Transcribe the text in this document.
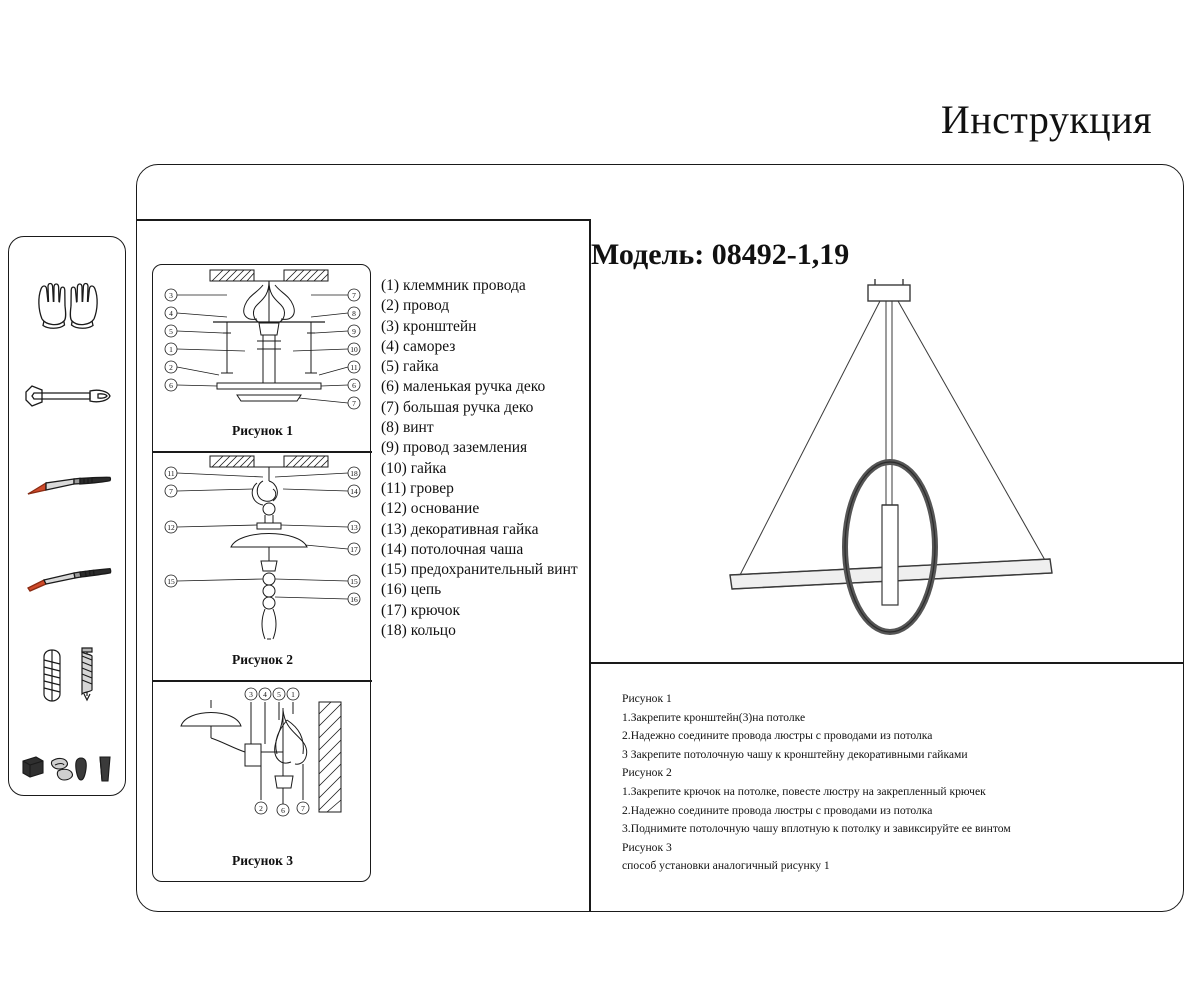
Инструкция
3
4
5
1
2
6
7
8
9
10
11
6
7
Рисунок 1
11
7
12
15
18
14
13
17
15
16
Рисунок 2
3 4 5 1
2 6 7
Рисунок 3
(1) клеммник провода
(2) провод
(3) кронштейн
(4) саморез
(5) гайка
(6) маленькая ручка деко
(7) большая ручка деко
(8) винт
(9) провод заземления
(10) гайка
(11) гровер
(12) основание
(13) декоративная гайка
(14) потолочная чаша
(15) предохранительный винт
(16) цепь
(17) крючок
(18) кольцо
Модель: 08492-1,19
Рисунок 1
1.Закрепите кронштейн(3)на потолке
2.Надежно соедините провода люстры с проводами из потолка
3 Закрепите потолочную чашу к кронштейну декоративными гайками
Рисунок 2
1.Закрепите крючок на потолке, повесте люстру на закрепленный крючек
2.Надежно соедините провода люстры с проводами из потолка
3.Поднимите потолочную чашу вплотную к потолку и завиксируйте ее винтом
Рисунок 3
способ установки аналогичный рисунку 1
